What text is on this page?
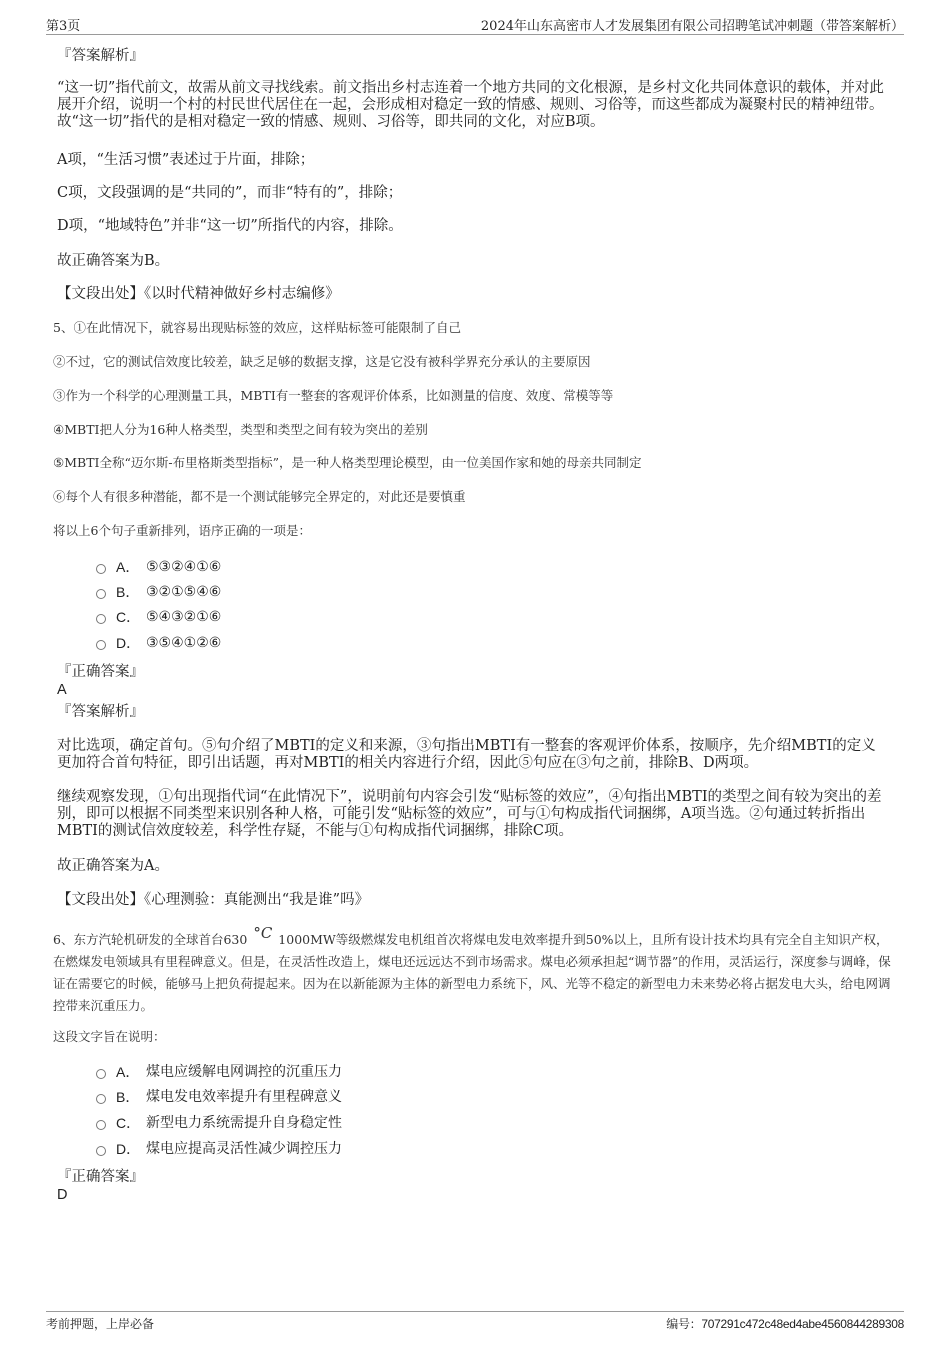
第3页	2024年山东高密市人才发展集团有限公司招聘笔试冲刺题（带答案解析）
『答案解析』
“这一切”指代前文，故需从前文寻找线索。前文指出乡村志连着一个地方共同的文化根源，是乡村文化共同体意识的载体，并对此展开介绍，说明一个村的村民世代居住在一起，会形成相对稳定一致的情感、规则、习俗等，而这些都成为凝聚村民的精神纽带。故“这一切”指代的是相对稳定一致的情感、规则、习俗等，即共同的文化，对应B项。
A项，“生活习惯”表述过于片面，排除；
C项，文段强调的是“共同的”，而非“特有的”，排除；
D项，“地域特色”并非“这一切”所指代的内容，排除。
故正确答案为B。
【文段出处】《以时代精神做好乡村志编修》
5、①在此情况下，就容易出现贴标签的效应，这样贴标签可能限制了自己
②不过，它的测试信效度比较差，缺乏足够的数据支撑，这是它没有被科学界充分承认的主要原因
③作为一个科学的心理测量工具，MBTI有一整套的客观评价体系，比如测量的信度、效度、常模等等
④MBTI把人分为16种人格类型，类型和类型之间有较为突出的差别
⑤MBTI全称“迈尔斯-布里格斯类型指标”，是一种人格类型理论模型，由一位美国作家和她的母亲共同制定
⑥每个人有很多种潜能，都不是一个测试能够完全界定的，对此还是要慎重
将以上6个句子重新排列，语序正确的一项是：
A． ⑤③②④①⑥
B． ③②①⑤④⑥
C． ⑤④③②①⑥
D． ③⑤④①②⑥
『正确答案』
A
『答案解析』
对比选项，确定首句。⑤句介绍了MBTI的定义和来源，③句指出MBTI有一整套的客观评价体系，按顺序，先介绍MBTI的定义更加符合首句特征，即引出话题，再对MBTI的相关内容进行介绍，因此⑤句应在③句之前，排除B、D两项。
继续观察发现，①句出现指代词“在此情况下”，说明前句内容会引发“贴标签的效应”，④句指出MBTI的类型之间有较为突出的差别，即可以根据不同类型来识别各种人格，可能引发“贴标签的效应”，可与①句构成指代词捆绑，A项当选。②句通过转折指出MBTI的测试信效度较差，科学性存疑，不能与①句构成指代词捆绑，排除C项。
故正确答案为A。
【文段出处】《心理测验：真能测出“我是谁”吗》
6、东方汽轮机研发的全球首台630 °C 1000MW等级燃煤发电机组首次将煤电发电效率提升到50%以上，且所有设计技术均具有完全自主知识产权，在燃煤发电领域具有里程碑意义。但是，在灵活性改造上，煤电还远远达不到市场需求。煤电必须承担起“调节器”的作用，灵活运行，深度参与调峰，保证在需要它的时候，能够马上把负荷提起来。因为在以新能源为主体的新型电力系统下，风、光等不稳定的新型电力未来势必将占据发电大头，给电网调控带来沉重压力。
这段文字旨在说明：
A． 煤电应缓解电网调控的沉重压力
B． 煤电发电效率提升有里程碑意义
C． 新型电力系统需提升自身稳定性
D． 煤电应提高灵活性减少调控压力
『正确答案』
D
考前押题，上岸必备	编号：707291c472c48ed4abe4560844289308
